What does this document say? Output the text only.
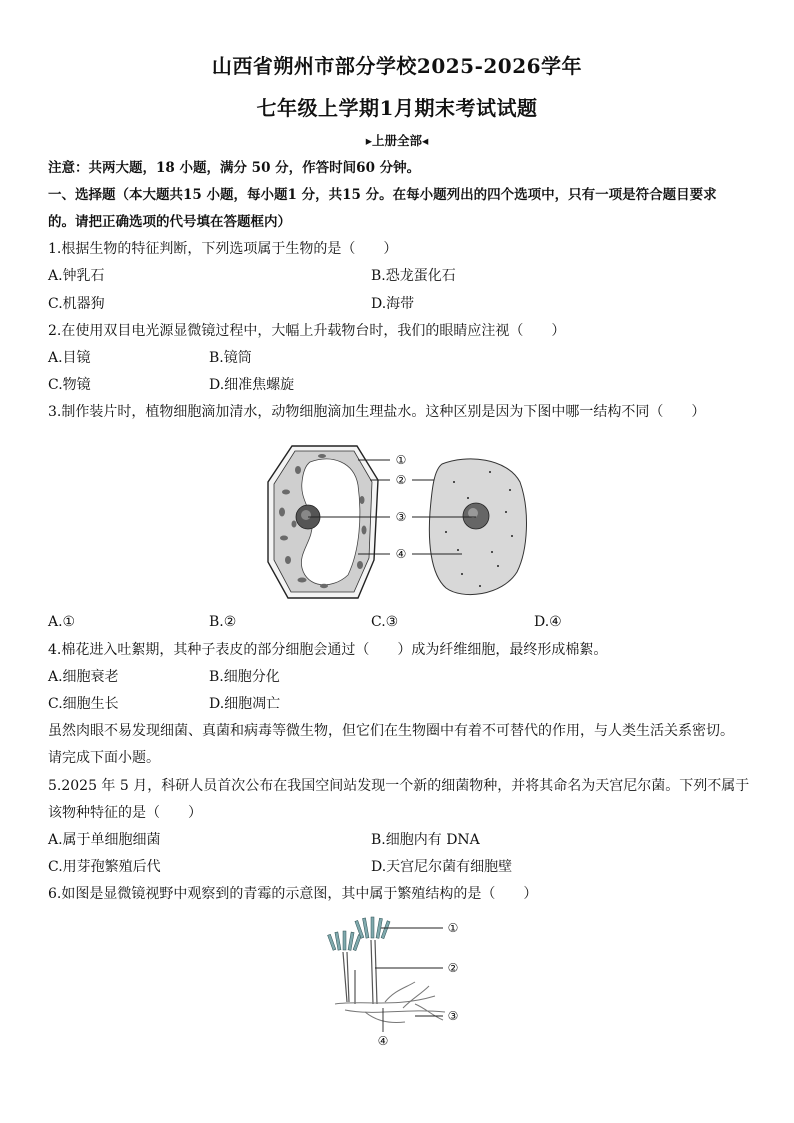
山西省朔州市部分学校2025-2026学年
七年级上学期1月期末考试试题
▸上册全部◂
注意：共两大题，18 小题，满分 50 分，作答时间60 分钟。
一、选择题（本大题共15 小题，每小题1 分，共15 分。在每小题列出的四个选项中，只有一项是符合题目要求
的。请把正确选项的代号填在答题框内）
1.根据生物的特征判断，下列选项属于生物的是（　　）
A.钟乳石	B.恐龙蛋化石
C.机器狗	D.海带
2.在使用双目电光源显微镜过程中，大幅上升载物台时，我们的眼睛应注视（　　）
A.目镜	B.镜筒
C.物镜	D.细准焦螺旋
3.制作装片时，植物细胞滴加清水，动物细胞滴加生理盐水。这种区别是因为下图中哪一结构不同（　　）
①
②
③
④
A.①	B.②	C.③	D.④
4.棉花进入吐絮期，其种子表皮的部分细胞会通过（　　）成为纤维细胞，最终形成棉絮。
A.细胞衰老	B.细胞分化
C.细胞生长	D.细胞凋亡
虽然肉眼不易发现细菌、真菌和病毒等微生物，但它们在生物圈中有着不可替代的作用，与人类生活关系密切。
请完成下面小题。
5.2025 年 5 月，科研人员首次公布在我国空间站发现一个新的细菌物种，并将其命名为天宫尼尔菌。下列不属于
该物种特征的是（　　）
A.属于单细胞细菌	B.细胞内有 DNA
C.用芽孢繁殖后代	D.天宫尼尔菌有细胞壁
6.如图是显微镜视野中观察到的青霉的示意图，其中属于繁殖结构的是（　　）
①
②
③
④
